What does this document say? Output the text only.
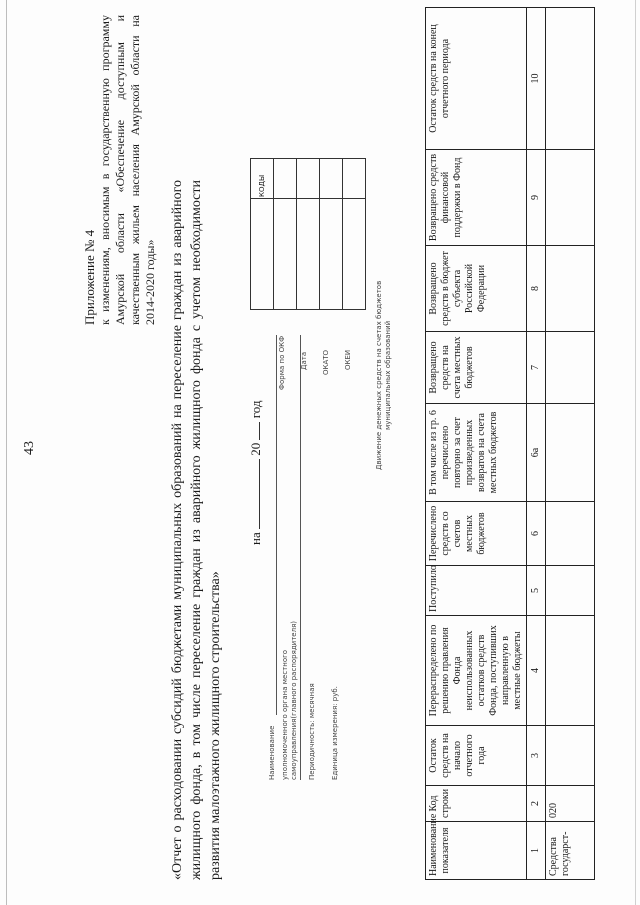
43
Приложение № 4 к изменениям, вносимым в государственную программу Амурской области «Обеспечение доступным и качественным жильем населения Амурской области на 2014-2020 годы» «Отчет о расходовании субсидий бюджетами муниципальных образований на переселение граждан из аварийного жилищного фонда, в том числе переселение граждан из аварийного жилищного фонда с учетом необходимости развития малоэтажного жилищного строительства»
на  20  год
Наименование уполномоченного органа местного самоуправления(главного распорядителя) Периодичность: месячная Единица измерения: руб.
Движение денежных средств на счетах бюджетов муниципальных образований
Форма по ОКФ Дата ОКАТО ОКЕИ
КОДЫ
Наименование показателя	Код строки	Остаток средств на начало отчетного года	Перераспределено по решению правления Фонда неиспользованных остатков средств Фонда, поступивших направленную в местные бюджеты	Поступило	Перечислено средств со счетов местных бюджетов	В том числе из гр. 6 перечислено повторно за счет произведенных возвратов на счета местных бюджетов	Возвращено средств на счета местных бюджетов	Возвращено средств в бюджет субъекта Российской Федерации	Возвращено средств финансовой поддержки в Фонд	Остаток средств на конец отчетного периода
1	2	3	4	5	6	6а	7	8	9	10
Средства государст-	020									
